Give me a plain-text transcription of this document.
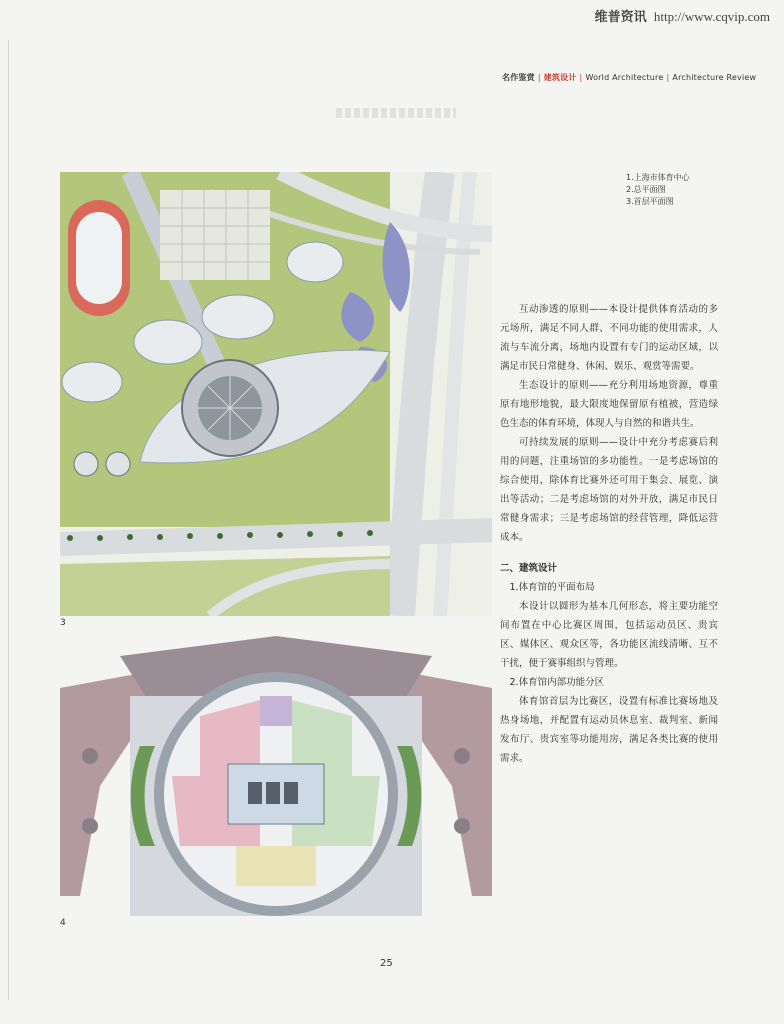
维普资讯 http://www.cqvip.com
名作鉴赏 | 建筑设计 | World Architecture | Architecture Review
1.上海市体育中心
2.总平面图
3.首层平面图
3
4

互动渗透的原则——本设计提供体育活动的多元场所，满足不同人群、不同功能的使用需求，人流与车流分离，场地内设置有专门的运动区域，以满足市民日常健身、休闲、娱乐、观赏等需要。

生态设计的原则——充分利用场地资源，尊重原有地形地貌，最大限度地保留原有植被，营造绿色生态的体育环境，体现人与自然的和谐共生。

可持续发展的原则——设计中充分考虑赛后利用的问题，注重场馆的多功能性。一是考虑场馆的综合使用，除体育比赛外还可用于集会、展览、演出等活动；二是考虑场馆的对外开放，满足市民日常健身需求；三是考虑场馆的经营管理，降低运营成本。

二、建筑设计

1.体育馆的平面布局

本设计以圆形为基本几何形态，将主要功能空间布置在中心比赛区周围，包括运动员区、贵宾区、媒体区、观众区等，各功能区流线清晰、互不干扰，便于赛事组织与管理。

2.体育馆内部功能分区

体育馆首层为比赛区，设置有标准比赛场地及热身场地，并配置有运动员休息室、裁判室、新闻发布厅、贵宾室等功能用房，满足各类比赛的使用需求。

25
